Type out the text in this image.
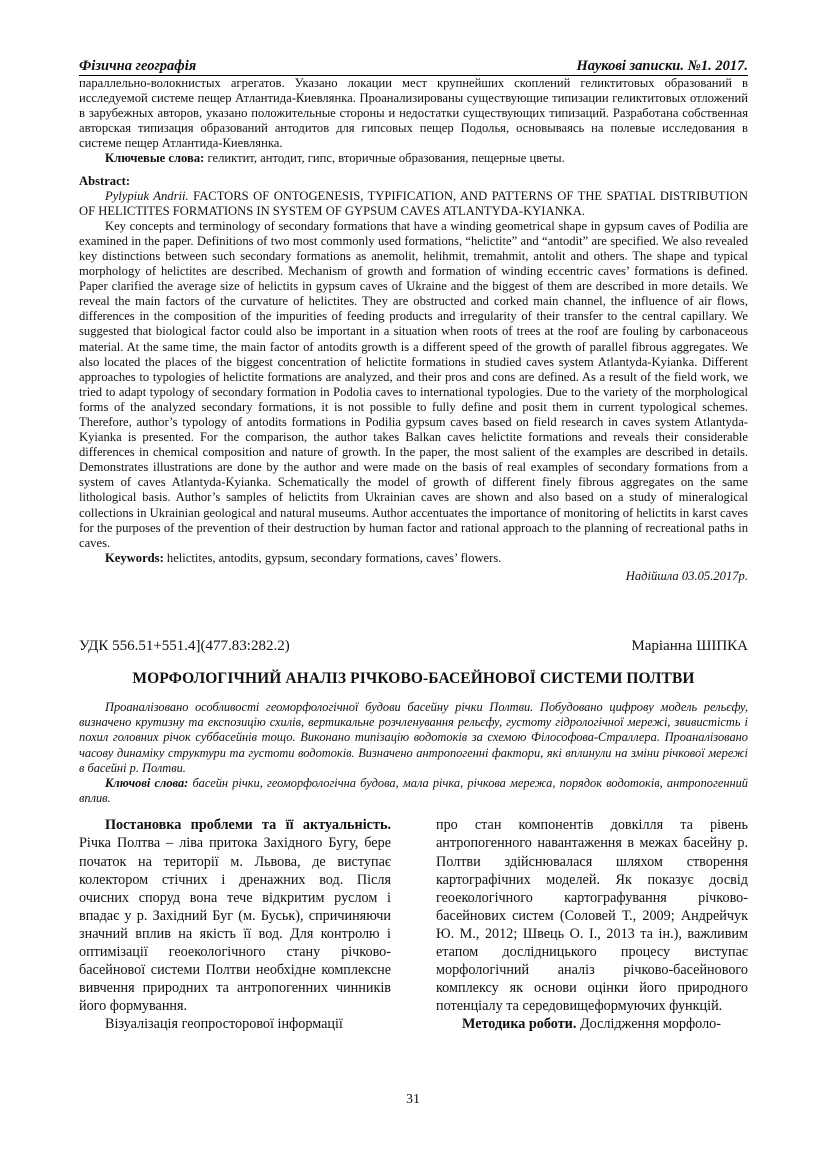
Фізична географія	Наукові записки. №1. 2017.

параллельно-волокнистых агрегатов. Указано локации мест крупнейших скоплений геликтитовых образований в исследуемой системе пещер Атлантида-Киевлянка. Проанализированы существующие типизации геликтитовых отложений в зарубежных авторов, указано положительные стороны и недостатки существующих типизаций. Разработана собственная авторская типизация образований антодитов для гипсовых пещер Подолья, основываясь на полевые исследования в системе пещер Атлантида-Киевлянка.

Ключевые слова: геликтит, антодит, гипс, вторичные образования, пещерные цветы.

Abstract:

Pylypiuk Andrii. FACTORS OF ONTOGENESIS, TYPIFICATION, AND PATTERNS OF THE SPATIAL DISTRIBUTION OF HELICTITES FORMATIONS IN SYSTEM OF GYPSUM CAVES ATLANTYDA-KYIANKA.

Key concepts and terminology of secondary formations that have a winding geometrical shape in gypsum caves of Podilia are examined in the paper. Definitions of two most commonly used formations, “helictite” and “antodit” are specified. We also revealed key distinctions between such secondary formations as anemolit, helihmit, tremahmit, antolit and others. The shape and typical morphology of helictites are described. Mechanism of growth and formation of winding eccentric caves’ formations is defined. Paper clarified the average size of helictits in gypsum caves of Ukraine and the biggest of them are described in more details. We reveal the main factors of the curvature of helictites. They are obstructed and corked main channel, the influence of air flows, differences in the composition of the impurities of feeding products and irregularity of their transfer to the central capillary. We suggested that biological factor could also be important in a situation when roots of trees at the roof are fouling by carbonaceous material. At the same time, the main factor of antodits growth is a different speed of the growth of parallel fibrous aggregates. We also located the places of the biggest concentration of helictite formations in studied caves system Atlantyda-Kyianka. Different approaches to typologies of helictite formations are analyzed, and their pros and cons are defined. As a result of the field work, we tried to adapt typology of secondary formation in Podolia caves to international typologies. Due to the variety of the morphological forms of the analyzed secondary formations, it is not possible to fully define and posit them in current typological schemes. Therefore, author’s typology of antodits formations in Podilia gypsum caves based on field research in caves system Atlantyda-Kyianka is presented. For the comparison, the author takes Balkan caves helictite formations and reveals their considerable differences in chemical composition and nature of growth. In the paper, the most salient of the examples are described in details. Demonstrates illustrations are done by the author and were made on the basis of real examples of secondary formations from a system of caves Atlantyda-Kyianka. Schematically the model of growth of different finely fibrous aggregates on the same lithological basis. Author’s samples of helictits from Ukrainian caves are shown and also based on a study of mineralogical collections in Ukrainian geological and natural museums. Author accentuates the importance of monitoring of helictits in karst caves for the purposes of the prevention of their destruction by human factor and rational approach to the planning of recreational paths in caves.

Keywords: helictites, antodits, gypsum, secondary formations, caves’ flowers.

Надійшла 03.05.2017р.
УДК 556.51+551.4](477.83:282.2)	Маріанна ШІПКА
МОРФОЛОГІЧНИЙ АНАЛІЗ РІЧКОВО-БАСЕЙНОВОЇ СИСТЕМИ ПОЛТВИ

Проаналізовано особливості геоморфологічної будови басейну річки Полтви. Побудовано цифрову модель рельєфу, визначено крутизну та експозицію схилів, вертикальне розчленування рельєфу, густоту гідрологічної мережі, звивистість і похил головних річок суббасейнів тощо. Виконано типізацію водотоків за схемою Філософова-Страллера. Проаналізовано часову динаміку структури та густоти водотоків. Визначено антропогенні фактори, які вплинули на зміни річкової мережі в басейні р. Полтви.

Ключові слова: басейн річки, геоморфологічна будова, мала річка, річкова мережа, порядок водотоків, антропогенний вплив.

Постановка проблеми та її актуальність. Річка Полтва – ліва притока Західного Бугу, бере початок на території м. Львова, де виступає колектором стічних і дренажних вод. Після очисних споруд вона тече відкритим руслом і впадає у р. Західний Буг (м. Буськ), спричиняючи значний вплив на якість її вод. Для контролю і оптимізації геоекологічного стану річково-басейнової системи Полтви необхідне комплексне вивчення природних та антропогенних чинників його формування.

Візуалізація геопросторової інформації

про стан компонентів довкілля та рівень антропогенного навантаження в межах басейну р. Полтви здійснювалася шляхом створення картографічних моделей. Як показує досвід геоекологічного картографування річково-басейнових систем (Соловей Т., 2009; Андрейчук Ю. М., 2012; Швець О. І., 2013 та ін.), важливим етапом дослідницького процесу виступає морфологічний аналіз річково-басейнового комплексу як основи оцінки його природного потенціалу та середовищеформуючих функцій.

Методика роботи. Дослідження морфоло-

31
